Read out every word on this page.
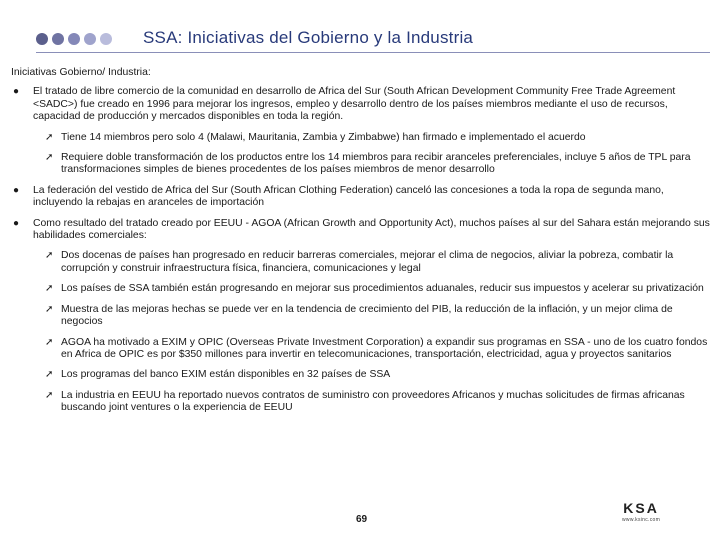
SSA: Iniciativas del Gobierno y la Industria
Iniciativas Gobierno/ Industria:
● El tratado de libre comercio de la comunidad en desarrollo de Africa del Sur (South African Development Community Free Trade Agreement <SADC>) fue creado en 1996 para mejorar los ingresos, empleo y desarrollo dentro de los países miembros mediante el uso de recursos, capacidad de producción y mercados disponibles en toda la región.
➚ Tiene 14 miembros pero solo 4 (Malawi, Mauritania, Zambia y Zimbabwe) han firmado e implementado el acuerdo
➚ Requiere doble transformación de los productos entre los 14 miembros para recibir aranceles preferenciales, incluye 5 años de TPL para transformaciones simples de bienes procedentes de los países miembros de menor desarrollo
● La federación del vestido de Africa del Sur (South African Clothing Federation) canceló las concesiones a toda la ropa de segunda mano, incluyendo la rebajas en aranceles de importación
● Como resultado del tratado creado por EEUU - AGOA (African Growth and Opportunity Act), muchos países al sur del Sahara están mejorando sus habilidades comerciales:
➚ Dos docenas de países han progresado en reducir barreras comerciales, mejorar el clima de negocios, aliviar la pobreza, combatir la corrupción y construir infraestructura física, financiera, comunicaciones y legal
➚ Los países de SSA también están progresando en mejorar sus procedimientos aduanales, reducir sus impuestos y acelerar su privatización
➚ Muestra de las mejoras hechas se puede ver en la tendencia de crecimiento del PIB, la reducción de la inflación, y un mejor clima de negocios
➚ AGOA ha motivado a EXIM y OPIC (Overseas Private Investment Corporation) a expandir sus programas en SSA - uno de los cuatro fondos en Africa de OPIC es por $350 millones para invertir en telecomunicaciones, transportación, electricidad, agua y proyectos sanitarios
➚ Los programas del banco EXIM están disponibles en 32 países de SSA
➚ La industria en EEUU ha reportado nuevos contratos de suministro con proveedores Africanos y muchas solicitudes de firmas africanas buscando joint ventures o la experiencia de EEUU
69
KSA
www.ksinc.com
